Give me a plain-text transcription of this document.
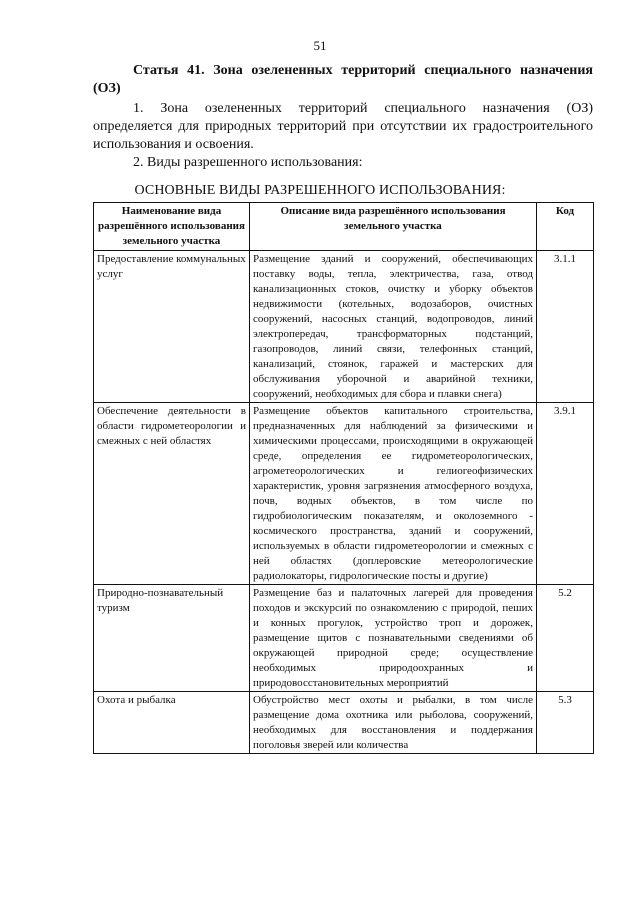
51
Статья 41. Зона озелененных территорий специального назначения (ОЗ)
1. Зона озелененных территорий специального назначения (ОЗ) определяется для природных территорий при отсутствии их градостроительного использования и освоения.
2. Виды разрешенного использования:
ОСНОВНЫЕ ВИДЫ РАЗРЕШЕННОГО ИСПОЛЬЗОВАНИЯ:
Наименование вида разрешённого использования земельного участка	Описание вида разрешённого использования земельного участка	Код
Предоставление коммунальных услуг	Размещение зданий и сооружений, обеспечивающих поставку воды, тепла, электричества, газа, отвод канализационных стоков, очистку и уборку объектов недвижимости (котельных, водозаборов, очистных сооружений, насосных станций, водопроводов, линий электропередач, трансформаторных подстанций, газопроводов, линий связи, телефонных станций, канализаций, стоянок, гаражей и мастерских для обслуживания уборочной и аварийной техники, сооружений, необходимых для сбора и плавки снега)	3.1.1
Обеспечение деятельности в области гидрометеорологии и смежных с ней областях	Размещение объектов капитального строительства, предназначенных для наблюдений за физическими и химическими процессами, происходящими в окружающей среде, определения ее гидрометеорологических, агрометеорологических и гелиогеофизических характеристик, уровня загрязнения атмосферного воздуха, почв, водных объектов, в том числе по гидробиологическим показателям, и околоземного - космического пространства, зданий и сооружений, используемых в области гидрометеорологии и смежных с ней областях (доплеровские метеорологические радиолокаторы, гидрологические посты и другие)	3.9.1
Природно-познавательный туризм	Размещение баз и палаточных лагерей для проведения походов и экскурсий по ознакомлению с природой, пеших и конных прогулок, устройство троп и дорожек, размещение щитов с познавательными сведениями об окружающей природной среде; осуществление необходимых природоохранных и природовосстановительных мероприятий	5.2
Охота и рыбалка	Обустройство мест охоты и рыбалки, в том числе размещение дома охотника или рыболова, сооружений, необходимых для восстановления и поддержания поголовья зверей или количества	5.3
